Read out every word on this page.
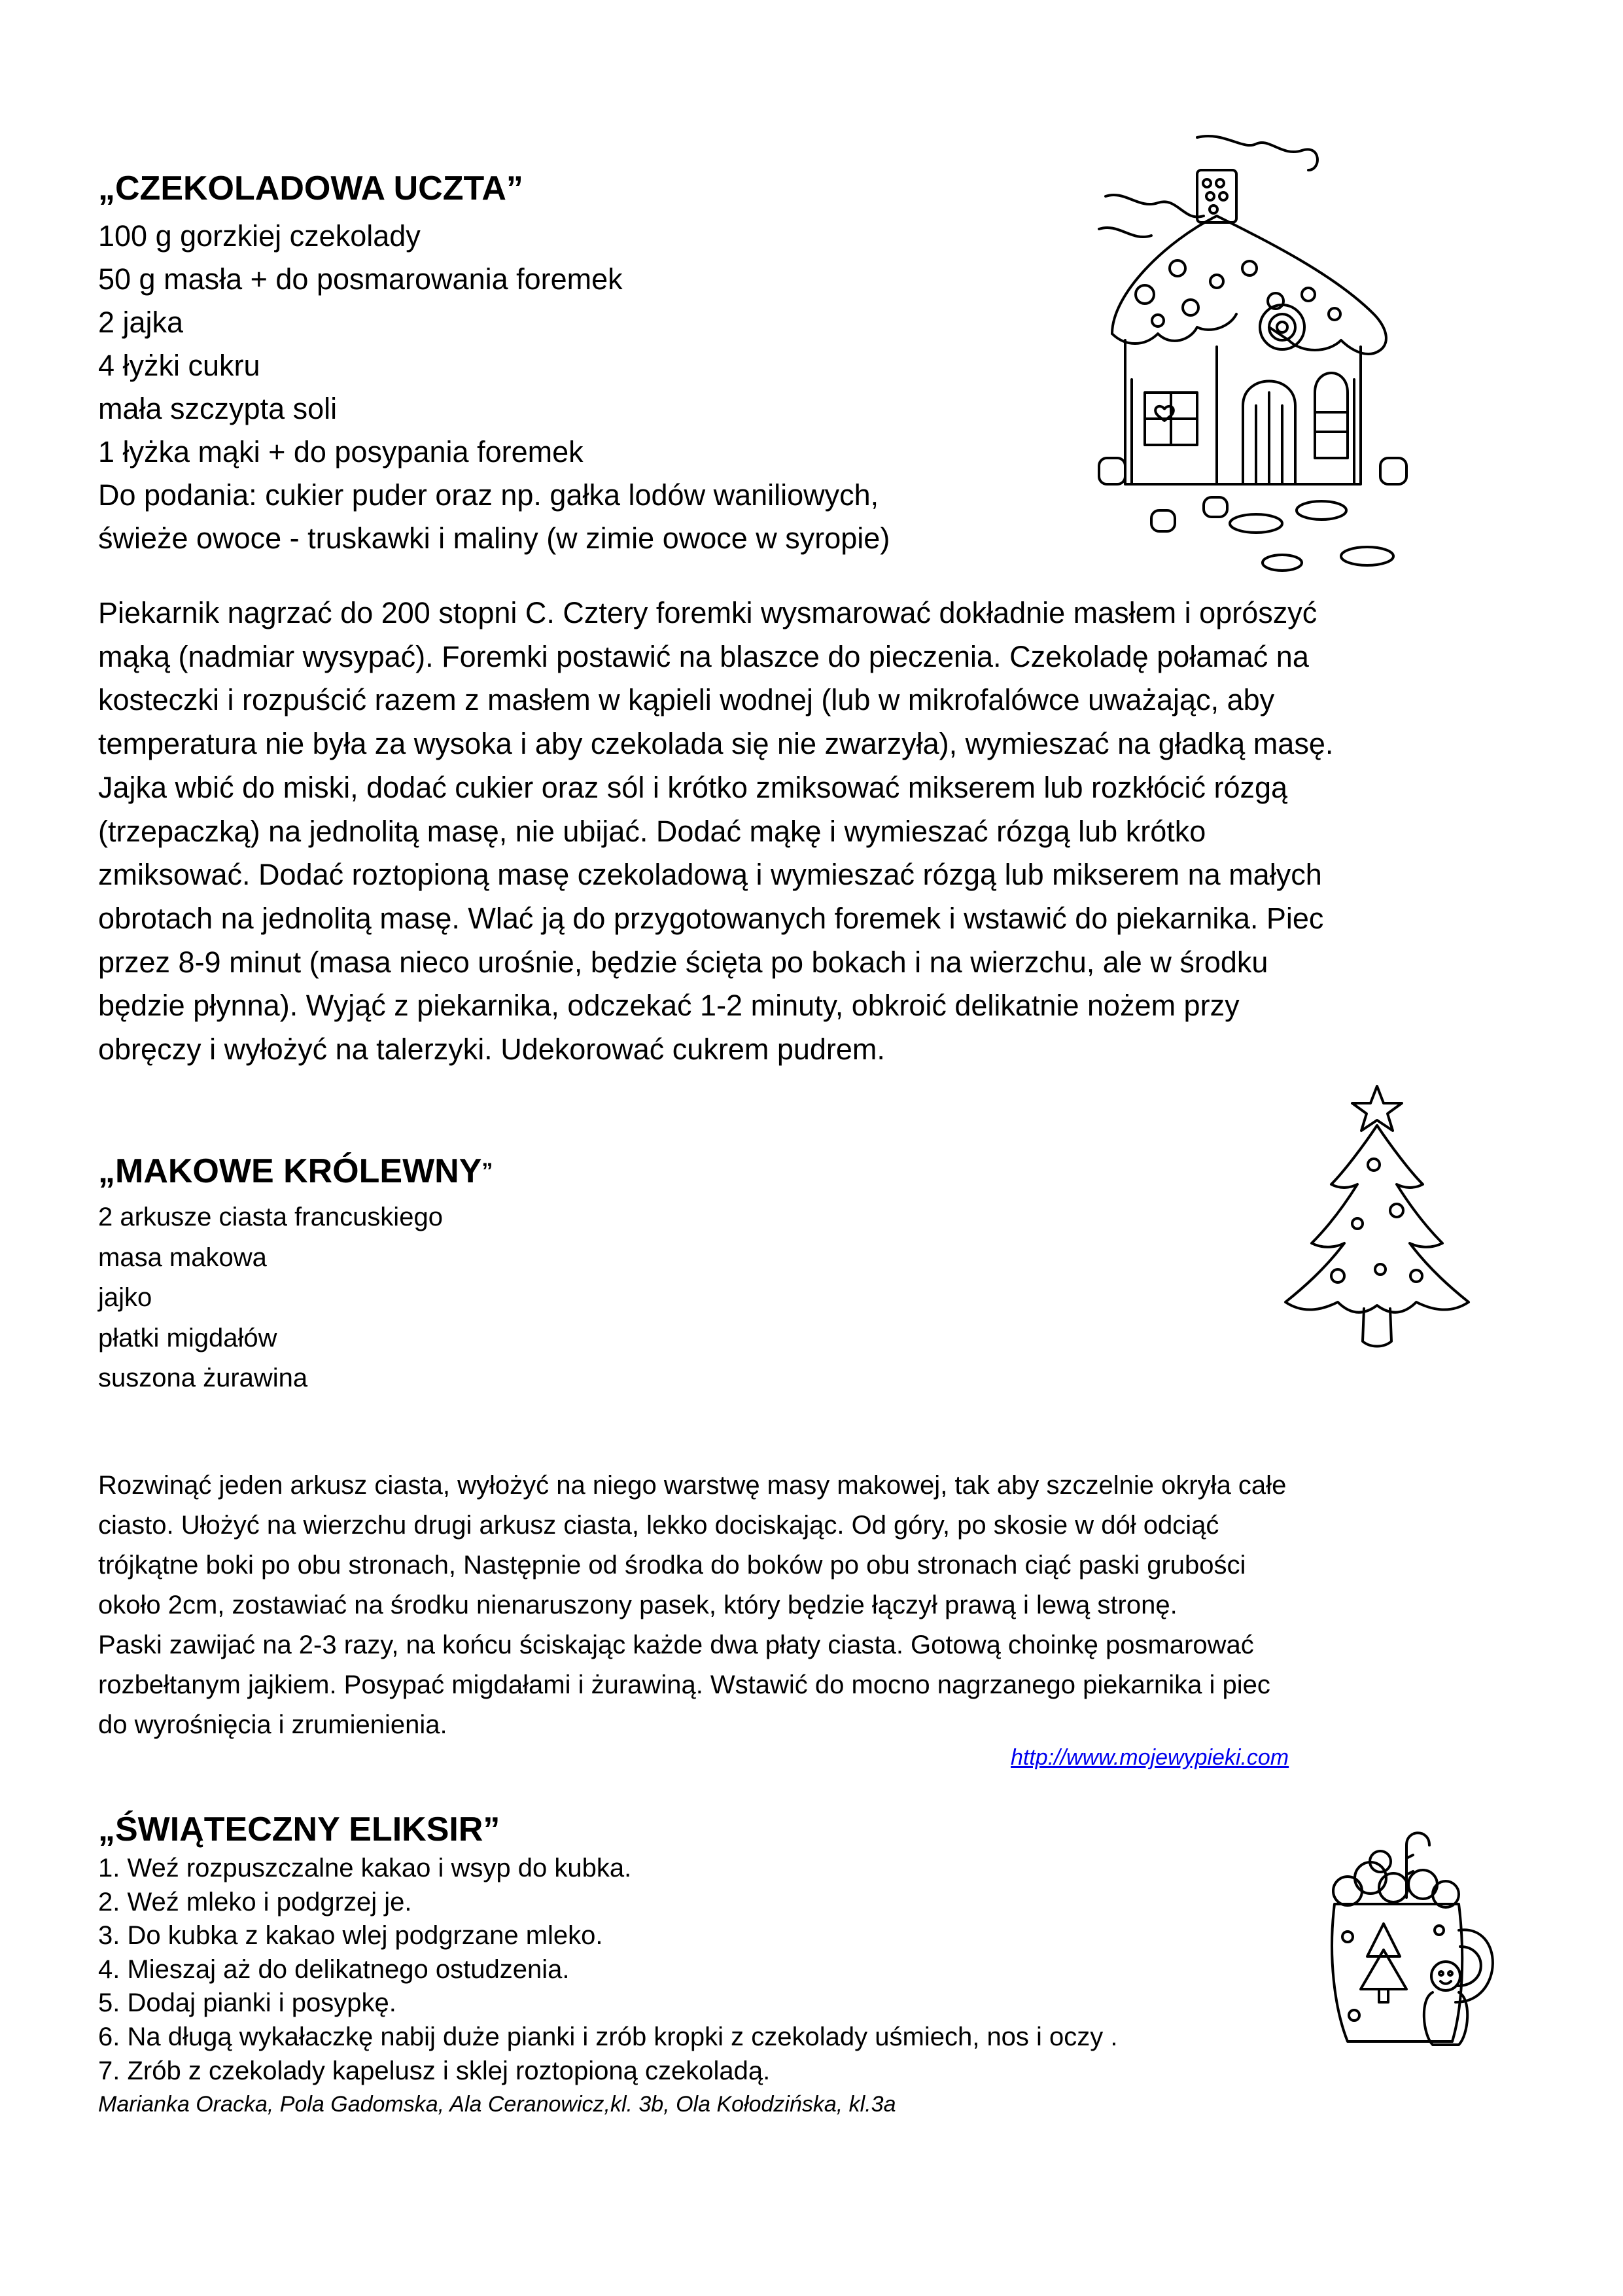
„CZEKOLADOWA UCZTA”
100 g gorzkiej czekolady
50 g masła + do posmarowania foremek
2 jajka
4 łyżki cukru
mała szczypta soli
1 łyżka mąki + do posypania foremek
Do podania: cukier puder oraz np. gałka lodów waniliowych,
świeże owoce - truskawki i maliny (w zimie owoce w syropie)
Piekarnik nagrzać do 200 stopni C. Cztery foremki wysmarować dokładnie masłem i oprószyć
mąką (nadmiar wysypać). Foremki postawić na blaszce do pieczenia. Czekoladę połamać na
kosteczki i rozpuścić razem z masłem w kąpieli wodnej (lub w mikrofalówce uważając, aby
temperatura nie była za wysoka i aby czekolada się nie zwarzyła), wymieszać na gładką masę.
Jajka wbić do miski, dodać cukier oraz sól i krótko zmiksować mikserem lub rozkłócić rózgą
(trzepaczką) na jednolitą masę, nie ubijać. Dodać mąkę i wymieszać rózgą lub krótko
zmiksować. Dodać roztopioną masę czekoladową i wymieszać rózgą lub mikserem na małych
obrotach na jednolitą masę. Wlać ją do przygotowanych foremek i wstawić do piekarnika. Piec
przez 8-9 minut (masa nieco urośnie, będzie ścięta po bokach i na wierzchu, ale w środku
będzie płynna). Wyjąć z piekarnika, odczekać 1-2 minuty, obkroić delikatnie nożem przy
obręczy i wyłożyć na talerzyki. Udekorować cukrem pudrem.
„MAKOWE KRÓLEWNY”
2 arkusze ciasta francuskiego
masa makowa
jajko
płatki migdałów
suszona żurawina
Rozwinąć jeden arkusz ciasta, wyłożyć na niego warstwę masy makowej, tak aby szczelnie okryła całe
ciasto. Ułożyć na wierzchu drugi arkusz ciasta, lekko dociskając. Od góry, po skosie w dół odciąć
trójkątne boki po obu stronach, Następnie od środka do boków po obu stronach ciąć paski grubości
około 2cm, zostawiać na środku nienaruszony pasek, który będzie łączył prawą i lewą stronę.
Paski zawijać na 2-3 razy, na końcu ściskając każde dwa płaty ciasta. Gotową choinkę posmarować
rozbełtanym jajkiem. Posypać migdałami i żurawiną. Wstawić do mocno nagrzanego piekarnika i piec
do wyrośnięcia i zrumienienia.
http://www.mojewypieki.com
„ŚWIĄTECZNY ELIKSIR”
1. Weź rozpuszczalne kakao i wsyp do kubka.
2. Weź mleko i podgrzej je.
3. Do kubka z kakao wlej podgrzane mleko.
4. Mieszaj aż do delikatnego ostudzenia.
5. Dodaj pianki i posypkę.
6. Na długą wykałaczkę nabij duże pianki i zrób kropki z czekolady uśmiech, nos i oczy .
7. Zrób z czekolady kapelusz i sklej roztopioną czekoladą.
Marianka Oracka, Pola Gadomska, Ala Ceranowicz,kl. 3b, Ola Kołodzińska, kl.3a
